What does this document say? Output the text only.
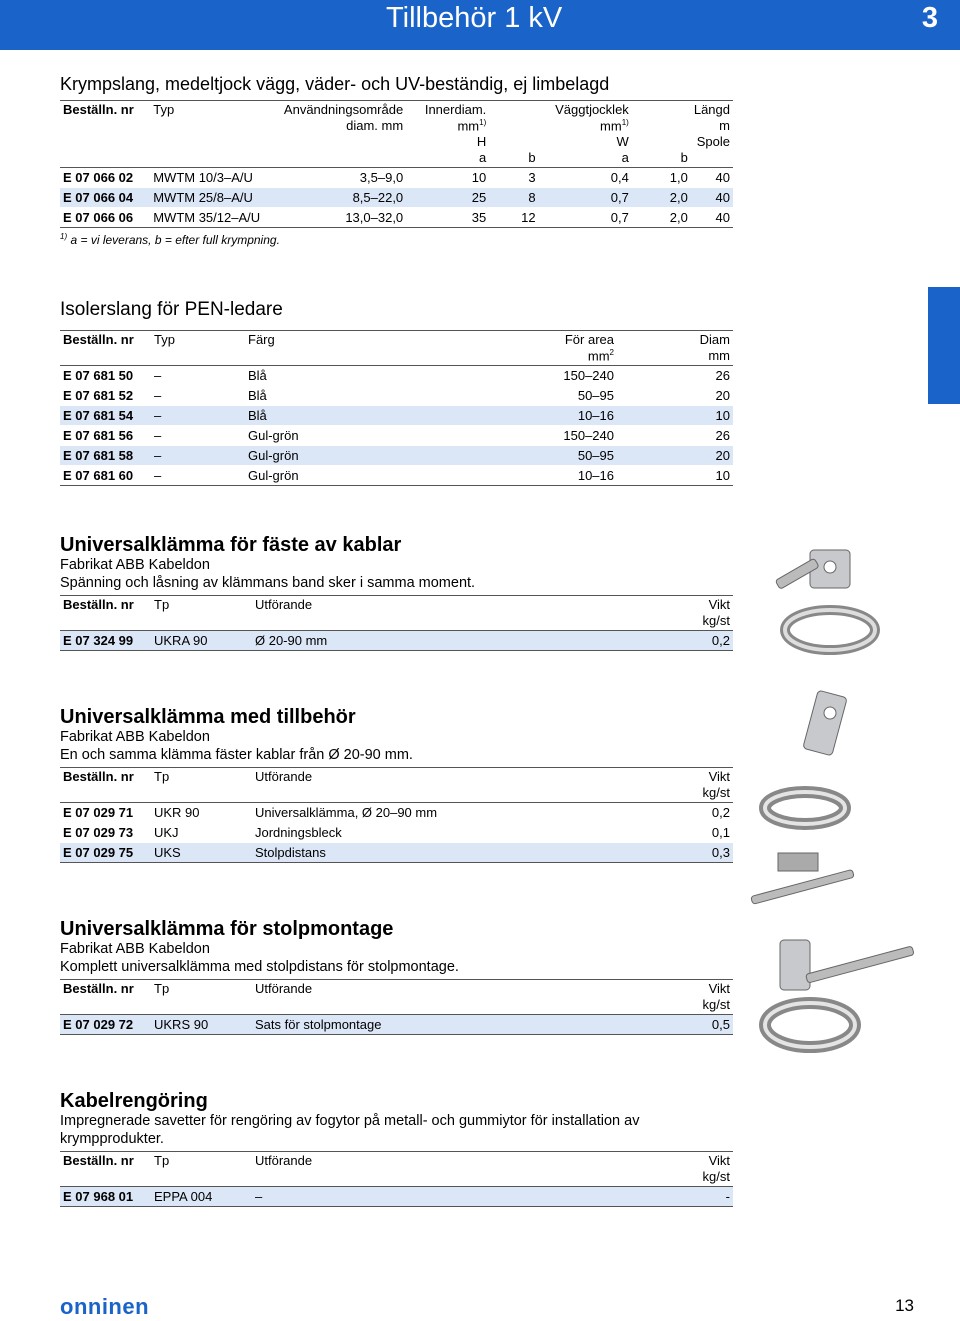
Tillbehör 1 kV	3
Krympslang, medeltjock vägg, väder- och UV-beständig, ej limbelagd
Beställn. nr	Typ	Användningsområde	Innerdiam.		Väggtjocklek		Längd
		diam. mm	$mm^{1)}$		$mm^{1)}$		m
			H		W		Spole
			a	b	a	b	
E 07 066 02	MWTM 10/3–A/U	3,5–9,0	10	3	0,4	1,0	40
E 07 066 04	MWTM 25/8–A/U	8,5–22,0	25	8	0,7	2,0	40
E 07 066 06	MWTM 35/12–A/U	13,0–32,0	35	12	0,7	2,0	40
$^{1)}$ a = vi leverans, b = efter full krympning.
Isolerslang för PEN-ledare
Beställn. nr	Typ	Färg	För area	Diam
			$mm^2$	mm
E 07 681 50	–	Blå	150–240	26
E 07 681 52	–	Blå	50–95	20
E 07 681 54	–	Blå	10–16	10
E 07 681 56	–	Gul-grön	150–240	26
E 07 681 58	–	Gul-grön	50–95	20
E 07 681 60	–	Gul-grön	10–16	10
Universalklämma för fäste av kablar
Fabrikat ABB Kabeldon
Spänning och låsning av klämmans band sker i samma moment.
Beställn. nr	Tp	Utförande	Vikt
			kg/st
E 07 324 99	UKRA 90	Ø 20-90 mm	0,2
Universalklämma med tillbehör
Fabrikat ABB Kabeldon
En och samma klämma fäster kablar från Ø 20-90 mm.
Beställn. nr	Tp	Utförande	Vikt
			kg/st
E 07 029 71	UKR 90	Universalklämma, Ø 20–90 mm	0,2
E 07 029 73	UKJ	Jordningsbleck	0,1
E 07 029 75	UKS	Stolpdistans	0,3
Universalklämma för stolpmontage
Fabrikat ABB Kabeldon
Komplett universalklämma med stolpdistans för stolpmontage.
Beställn. nr	Tp	Utförande	Vikt
			kg/st
E 07 029 72	UKRS 90	Sats för stolpmontage	0,5
Kabelrengöring
Impregnerade savetter för rengöring av fogytor på metall- och gummiytor för installation av
krympprodukter.
Beställn. nr	Tp	Utförande	Vikt
			kg/st
E 07 968 01	EPPA 004	–	-
onninen	13
